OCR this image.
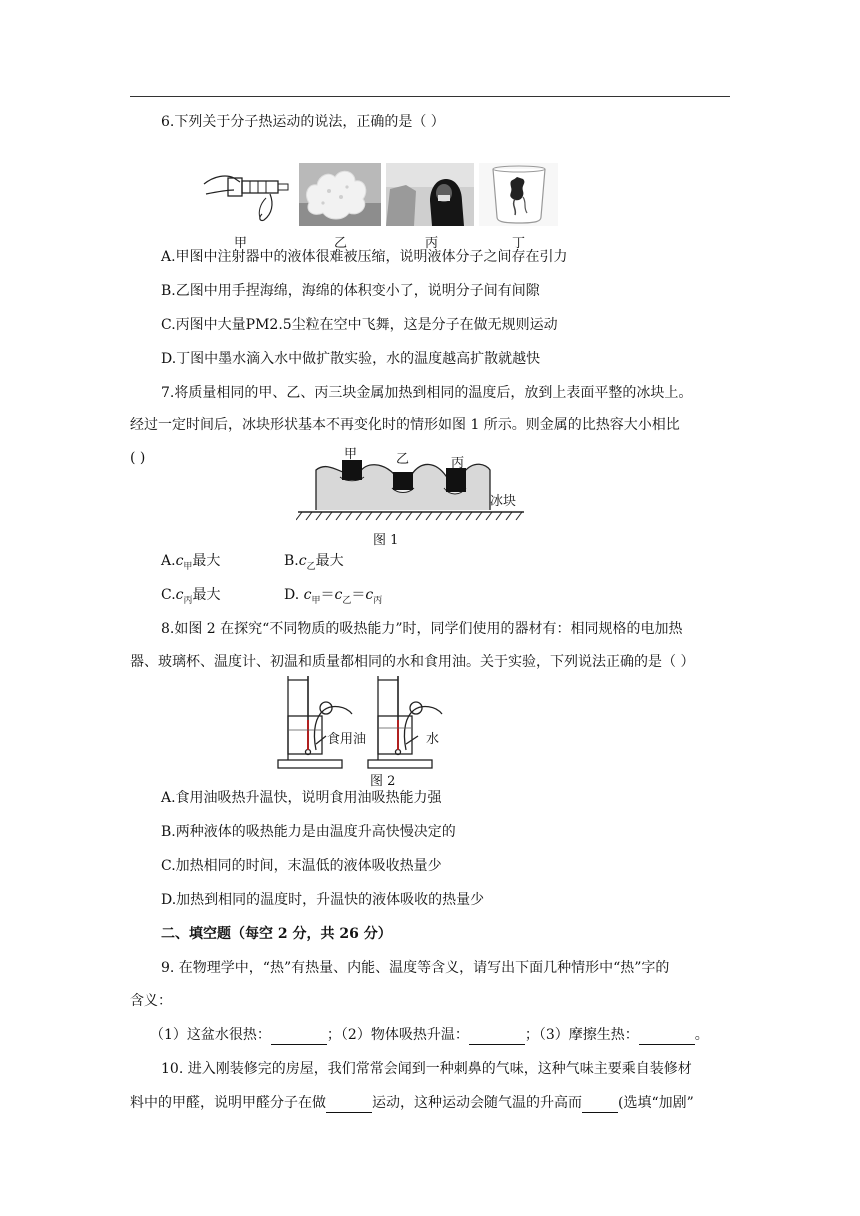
6.下列关于分子热运动的说法，正确的是（ ）
甲	乙	丙	丁
A.甲图中注射器中的液体很难被压缩，说明液体分子之间存在引力
B.乙图中用手捏海绵，海绵的体积变小了，说明分子间有间隙
C.丙图中大量PM2.5尘粒在空中飞舞，这是分子在做无规则运动
D.丁图中墨水滴入水中做扩散实验，水的温度越高扩散就越快
7.将质量相同的甲、乙、丙三块金属加热到相同的温度后，放到上表面平整的冰块上。
经过一定时间后，冰块形状基本不再变化时的情形如图 1 所示。则金属的比热容大小相比
( )	甲	乙	丙
冰块
图 1
$A.c_甲$最大	$B.c_乙$最大
$C.c_丙$最大	D. $c_甲=c_乙=c_丙$
8.如图 2 在探究“不同物质的吸热能力”时，同学们使用的器材有：相同规格的电加热
器、玻璃杯、温度计、初温和质量都相同的水和食用油。关于实验，下列说法正确的是（ ）
食用油	水
图 2
A.食用油吸热升温快，说明食用油吸热能力强
B.两种液体的吸热能力是由温度升高快慢决定的
C.加热相同的时间，末温低的液体吸收热量少
D.加热到相同的温度时，升温快的液体吸收的热量少
二、填空题（每空 2 分，共 26 分）
9. 在物理学中，“热”有热量、内能、温度等含义，请写出下面几种情形中“热”字的
含义：
（1）这盆水很热：	；（2）物体吸热升温：	；（3）摩擦生热：	。
10. 进入刚装修完的房屋，我们常常会闻到一种刺鼻的气味，这种气味主要乘自装修材
料中的甲醛，说明甲醛分子在做	运动，这种运动会随气温的升高而	(选填“加剧”
